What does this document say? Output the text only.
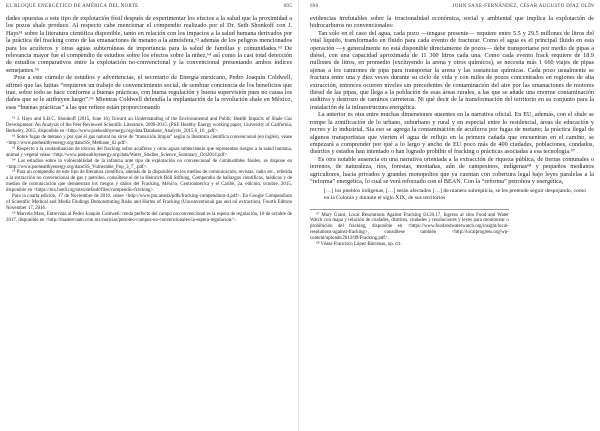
EL BLOQUE ENERGÉTICO DE AMÉRICA DEL NORTE	695

dades opuestas a este tipo de explotación fósil después de experimentar los efectos a la salud que la proximidad a los pozos shale produce. Al respecto cabe mencionar el compendio realizado por el Dr. Seth Shonkoff con J. Hays⁶¹ sobre la literatura científica disponible, tanto en relación con los impactos a la salud humana derivados por la práctica del fracking como de las emanaciones de metano a la atmósfera,⁶² además de los peligros mencionados para los acuíferos y otras aguas subterráneas de importancia para la salud de familias y comunidades.⁶³ De relevancia mayor fue el compendio de estudios sobre los efectos sobre la niñez,⁶⁴ así como la casi total detección de estudios comparativos entre la explotación no-convencional y la convencional presentando ambos índices semejantes.⁶⁵

Pese a este cúmulo de estudios y advertencias, el secretario de Energía mexicano, Pedro Joaquín Coldwell, afirmó que las lutitas “requieren un trabajo de convencimiento social, de sembrar conciencia de los beneficios que trae, sobre todo se hace conforme a buenas prácticas, con buena regulación y buena supervisión pues no causa los daños que se le atribuyen luego”.⁶⁶ Mientras Coldwell defendía la implantación de la revolución shale en México, esas “buenas prácticas” a las que refiere están proporcionando

⁶¹ J. Hays and S.B.C. Shonkoff (2015, June 16) Toward an Understanding of the Environmental and Public Health Impacts of Shale Gas Development: An Analysis of the Peer Reviewed Scientific Literature, 2009-2015. (PSE Healthy Energy working paper, University of California, Berkeley, 2015, disponible en <http://www.psehealthyenergy.org/data/Database_Analysis_2015.6_16_.pdf>.

⁶² Sobre fugas de metano y por qué el gas natural no sirve de “transición limpia” según la literatura científica convencional (en inglés), véase <http://www.psehealthyenergy.org/data/SS_Methane_02.pdf>.

⁶³ Respecto a la contaminación de tóxicos del fracking sobre acuíferos y otras aguas subterráneas que representan riesgos a la salud humana, animal y vegetal véase <http://www.psehealthyenergy.org/data/Water_Studies_Science_Summary_Oct2014.pdf>.

⁶⁴ Los estudios sobre la vulnerabilidad de la infancia ante tipo de explotación no convencional de combustibles fósiles, se dispone en <http://www.psehealthyenergy.org/data/SS_Vulnerable_Pop_3_7_.pdf>.

⁶⁵ Para un compendio de este tipo de literatura científica, además de la disponible en los medios de comunicación, revistas, radio etc., referida a la extracción no convencional de gas y petróleo, consúltese el de la Heinrich Böll Stiftung, Compendio de hallazgos científicos, médicos y de medios de comunicación que demuestran los riesgos y daños del Fracking, México, Centroamérica y el Caribe, 2a. edición, octubre, 2015, disponible en <https://mx.boell.org/sites/default/files/compendio-fracking>.

Para la cuarta edición, 17 de Noviembre de 2016, véase <http://www.pnr.aeasta/pdfs/fracking-compendium-4.pdf>. En Google Compendium of Scientific Medical and Media Findings Demonstrating Risks and Harms of Fracking (Unconventional gas and oil extraction), Fourth Edition November 17, 2016.

⁶⁶ Marcela Mass, Entrevista al Pedro Joaquín Coldwell: renda perfecto del campo no convencional es la espera de regulación, 10 de octubre de 2017, disponible en <http://mastercuam.com.mx/noticias/petroleo-campos-no-convencionales-la-espera-regulacion/>.

696	JOHN SAXE-FERNÁNDEZ, CÉSAR AUGUSTO DÍAZ OLÍN

evidencias irrefutables sobre la irracionalidad económica, social y ambiental que implica la explotación de hidrocarburos no convencionales:

Tan sólo en el caso del agua, cada pozo —tengase presente— requiere entre 5.5 y 29.5 millones de litros del vital líquido, transformado en fluido para cada evento de fracturar. Como el agua es el principal fluido en esta operación —y generalmente no está disponible directamente de pozos— debe transportarse por medio de pipas a diésel, con una capacidad aproximada de 11 300 litros cada una. Como cada evento frack requiere de 18.9 millones de litros, en promedio (excluyendo la arena y otros químicos), se necesita más 1 660 viajes de pipas ajenas a los camiones de pipa para transportar la arena y las sustancias químicas. Cada pozo usualmente se fractura entre una y diez veces durante su ciclo de vida y con miles de pozos concentrados en regiones de alta extracción, entonces ocurren niveles sin precedentes de contaminación del aire por las emanaciones de motores diésel de las pipas, que llega a la población de esas áreas rurales, a las que se añade una enorme contaminación auditiva y destrozo de caminos carreteras. Ni qué decir de la transformación del territorio en su conjunto para la instalación de la infraestructura energética.

La anterior es otra entre muchas dimensiones ausentes en la narrativa oficial. En EU, además, con el shale se rompe la zonificación de lo urbano, suburbano y rural y en especial entre lo residencial, áreas de educación y recreo y lo industrial. Sia eso se agrega la contaminación de acuíferos por fugas de metano; la práctica ilegal de algunos transportistas que vierten el agua de reflujo en la primera cañada que encuentran en el camino, se empezará a comprender por qué a lo largo y ancho de EU poco más de 400 ciudades, poblaciones, condados, distritos y estados han intentado o han logrado prohibir el fracking o prácticas asociadas a esa tecnología.⁶⁷

Es otra notable ausencia en una narrativa orientada a la extracción de riqueza pública, de tierras comunales o terrenos, de naturaleza, ríos, forestas, montañas, aún de campesinos, indígenas⁶⁸ y pequeños medianos agricultores, hacia privados y grandes monopolios que ya cuentan con cobertura legal bajo leyes paralelas a la “reforma” energética, lo cual se verá reforzado con el BEAN. Con la “reforma” petrolera y energética,

[…] los pueblos indígenas, […] serán afectados […] de manera subrepticia, se les pretende seguir despojando, como en la Colonia y durante el siglo XIX, de sus territorios

⁶⁷ Mary Grant, Local Resolutions Against Fracking 03.20.17, Ingreso al sitio Food and Water Watch con mapa y relación de ciudades, distritos, ciudades y resoluciones y leyes para monitorear o prohibición del fracking, disponible en <https://www.foodandwaterwatch.org/insight/local-resolutions-against-fracking>, consúltese también <http://localprogress.org/wp-content/uploads/2013/09/Fracking.pdf>.

⁶⁸ Véase Francisco López Bárcenas, op. cit.
